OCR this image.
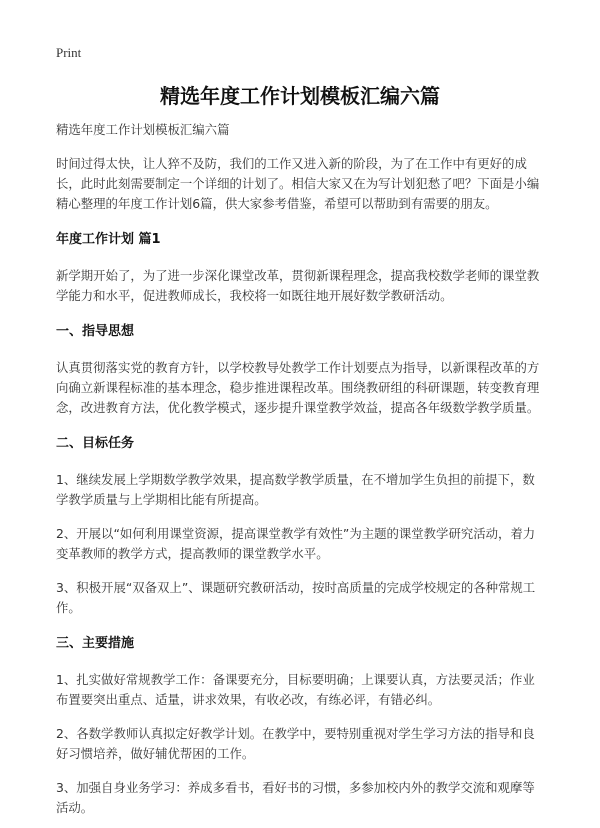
Print
精选年度工作计划模板汇编六篇

精选年度工作计划模板汇编六篇

时间过得太快，让人猝不及防，我们的工作又进入新的阶段，为了在工作中有更好的成长，此时此刻需要制定一个详细的计划了。相信大家又在为写计划犯愁了吧？下面是小编精心整理的年度工作计划6篇，供大家参考借鉴，希望可以帮助到有需要的朋友。

年度工作计划 篇1

新学期开始了，为了进一步深化课堂改革，贯彻新课程理念，提高我校数学老师的课堂教学能力和水平，促进教师成长，我校将一如既往地开展好数学教研活动。

一、指导思想

认真贯彻落实党的教育方针，以学校教导处教学工作计划要点为指导，以新课程改革的方向确立新课程标准的基本理念，稳步推进课程改革。围绕教研组的科研课题，转变教育理念，改进教育方法，优化教学模式，逐步提升课堂教学效益，提高各年级数学教学质量。

二、目标任务

1、继续发展上学期数学教学效果，提高数学教学质量，在不增加学生负担的前提下，数学教学质量与上学期相比能有所提高。

2、开展以“如何利用课堂资源，提高课堂教学有效性”为主题的课堂教学研究活动，着力变革教师的教学方式，提高教师的课堂教学水平。

3、积极开展“双备双上”、课题研究教研活动，按时高质量的完成学校规定的各种常规工作。

三、主要措施

1、扎实做好常规教学工作：备课要充分，目标要明确；上课要认真，方法要灵活；作业布置要突出重点、适量，讲求效果，有收必改，有练必评，有错必纠。

2、各数学教师认真拟定好教学计划。在教学中，要特别重视对学生学习方法的指导和良好习惯培养，做好辅优帮困的工作。

3、加强自身业务学习：养成多看书，看好书的习惯，多参加校内外的教学交流和观摩等活动。
